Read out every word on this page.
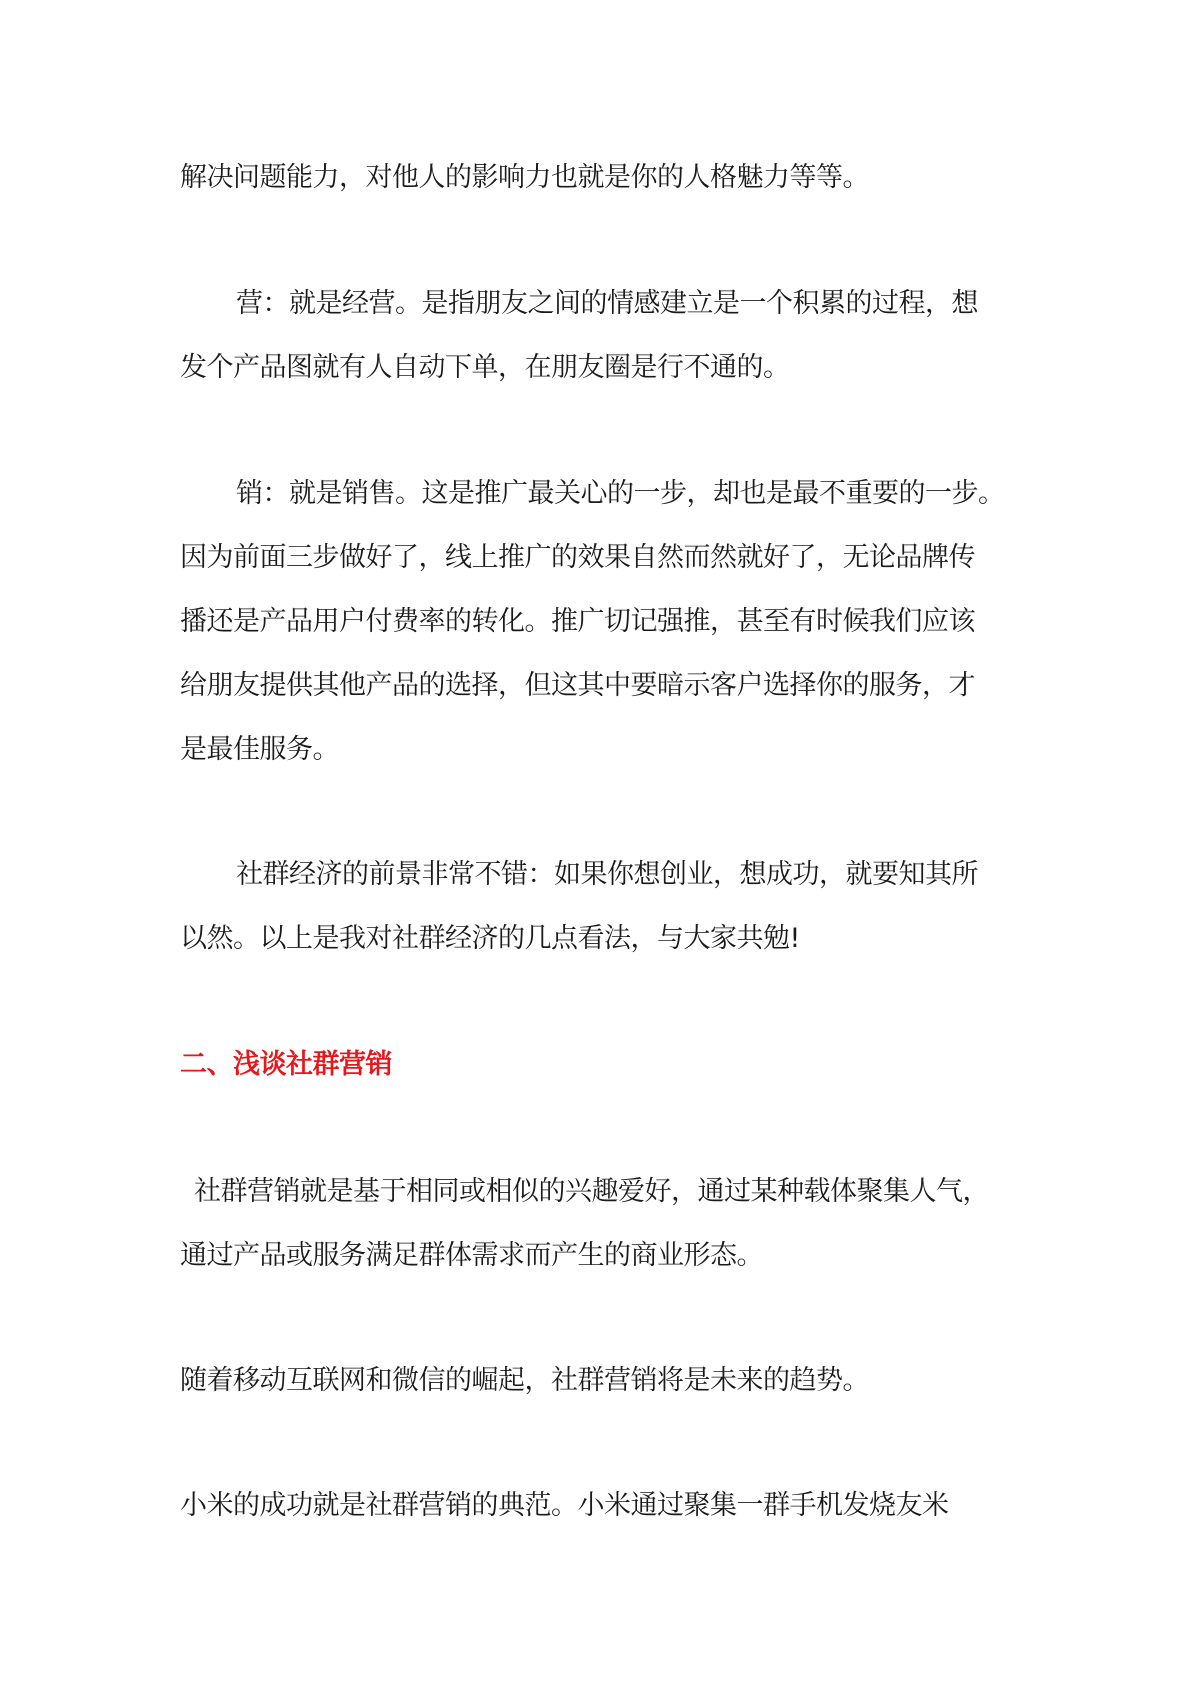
解决问题能力，对他人的影响力也就是你的人格魅力等等。
营：就是经营。是指朋友之间的情感建立是一个积累的过程，想
发个产品图就有人自动下单，在朋友圈是行不通的。
销：就是销售。这是推广最关心的一步，却也是最不重要的一步。
因为前面三步做好了，线上推广的效果自然而然就好了，无论品牌传
播还是产品用户付费率的转化。推广切记强推，甚至有时候我们应该
给朋友提供其他产品的选择，但这其中要暗示客户选择你的服务，才
是最佳服务。
社群经济的前景非常不错：如果你想创业，想成功，就要知其所
以然。以上是我对社群经济的几点看法，与大家共勉!
二、浅谈社群营销
社群营销就是基于相同或相似的兴趣爱好，通过某种载体聚集人气，
通过产品或服务满足群体需求而产生的商业形态。
随着移动互联网和微信的崛起，社群营销将是未来的趋势。
小米的成功就是社群营销的典范。小米通过聚集一群手机发烧友米
